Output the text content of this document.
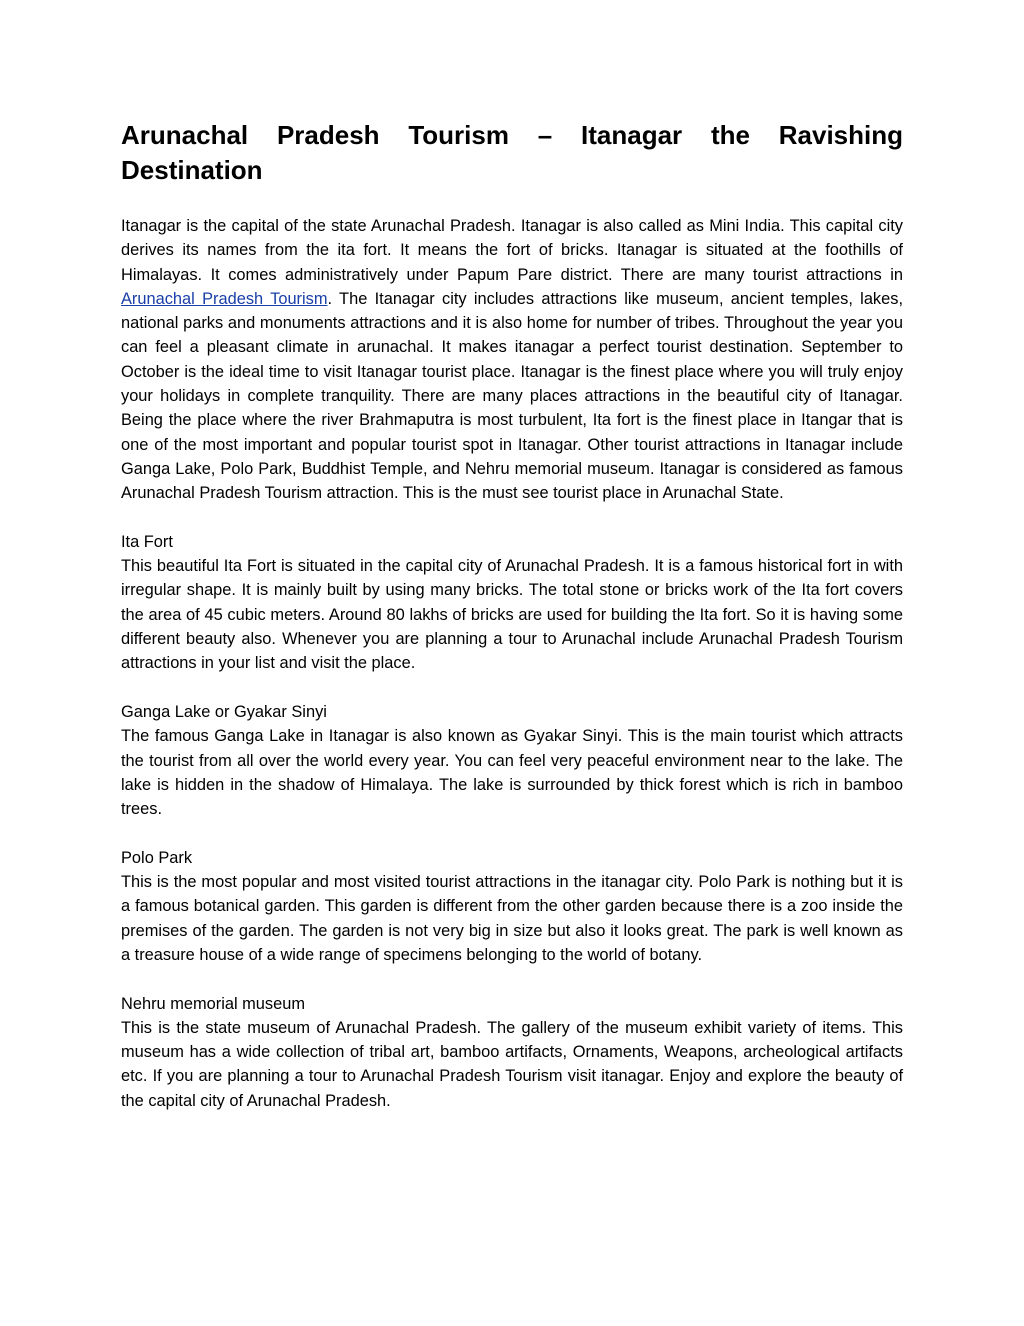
Arunachal Pradesh Tourism – Itanagar the Ravishing Destination

Itanagar is the capital of the state Arunachal Pradesh. Itanagar is also called as Mini India. This capital city derives its names from the ita fort. It means the fort of bricks. Itanagar is situated at the foothills of Himalayas. It comes administratively under Papum Pare district. There are many tourist attractions in Arunachal Pradesh Tourism. The Itanagar city includes attractions like museum, ancient temples, lakes, national parks and monuments attractions and it is also home for number of tribes. Throughout the year you can feel a pleasant climate in arunachal. It makes itanagar a perfect tourist destination. September to October is the ideal time to visit Itanagar tourist place. Itanagar is the finest place where you will truly enjoy your holidays in complete tranquility. There are many places attractions in the beautiful city of Itanagar. Being the place where the river Brahmaputra is most turbulent, Ita fort is the finest place in Itangar that is one of the most important and popular tourist spot in Itanagar. Other tourist attractions in Itanagar include Ganga Lake, Polo Park, Buddhist Temple, and Nehru memorial museum. Itanagar is considered as famous Arunachal Pradesh Tourism attraction. This is the must see tourist place in Arunachal State.

Ita Fort

This beautiful Ita Fort is situated in the capital city of Arunachal Pradesh. It is a famous historical fort in with irregular shape. It is mainly built by using many bricks. The total stone or bricks work of the Ita fort covers the area of 45 cubic meters. Around 80 lakhs of bricks are used for building the Ita fort. So it is having some different beauty also. Whenever you are planning a tour to Arunachal include Arunachal Pradesh Tourism attractions in your list and visit the place.

Ganga Lake or Gyakar Sinyi

The famous Ganga Lake in Itanagar is also known as Gyakar Sinyi. This is the main tourist which attracts the tourist from all over the world every year. You can feel very peaceful environment near to the lake. The lake is hidden in the shadow of Himalaya. The lake is surrounded by thick forest which is rich in bamboo trees.

Polo Park

This is the most popular and most visited tourist attractions in the itanagar city. Polo Park is nothing but it is a famous botanical garden. This garden is different from the other garden because there is a zoo inside the premises of the garden. The garden is not very big in size but also it looks great. The park is well known as a treasure house of a wide range of specimens belonging to the world of botany.

Nehru memorial museum

This is the state museum of Arunachal Pradesh. The gallery of the museum exhibit variety of items. This museum has a wide collection of tribal art, bamboo artifacts, Ornaments, Weapons, archeological artifacts etc. If you are planning a tour to Arunachal Pradesh Tourism visit itanagar. Enjoy and explore the beauty of the capital city of Arunachal Pradesh.
